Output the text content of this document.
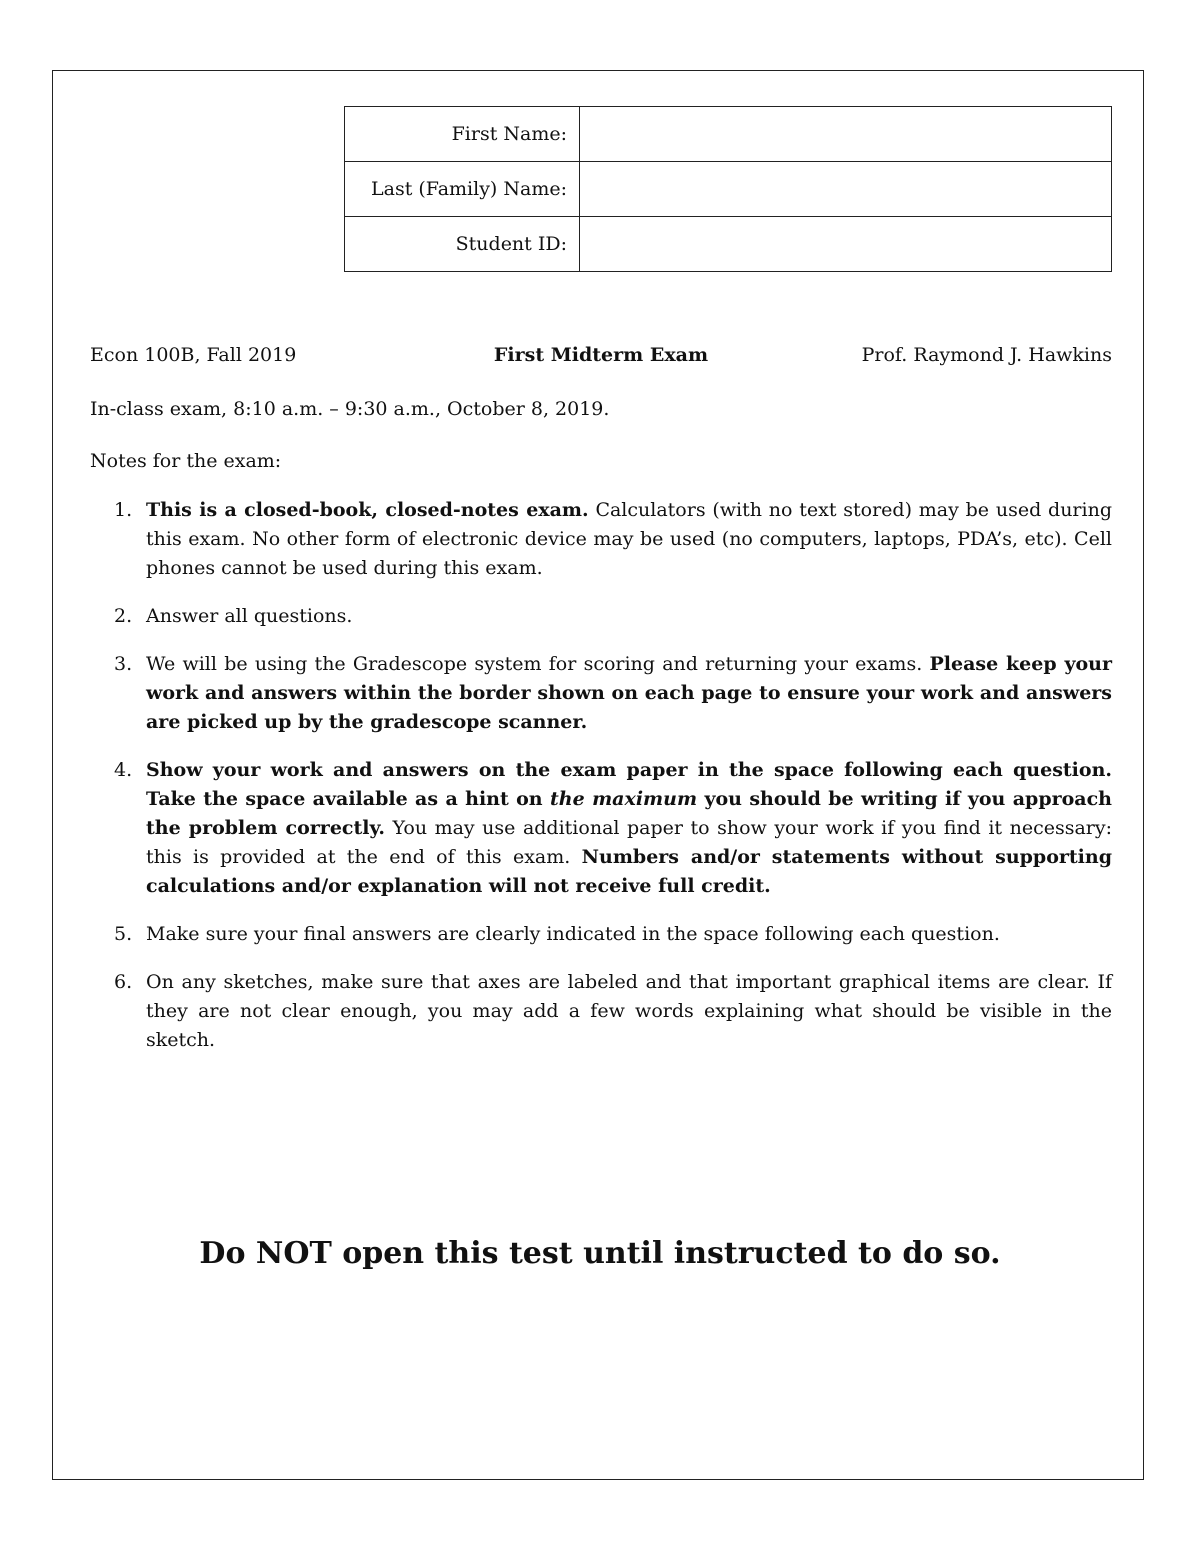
First Name:	
Last (Family) Name:	
Student ID:	
Econ 100B, Fall 2019	First Midterm Exam	Prof. Raymond J. Hawkins
In-class exam, 8:10 a.m. – 9:30 a.m., October 8, 2019.
Notes for the exam:
1. This is a closed-book, closed-notes exam. Calculators (with no text stored) may be used during this exam. No other form of electronic device may be used (no computers, laptops, PDA’s, etc). Cell phones cannot be used during this exam.
2. Answer all questions.
3. We will be using the Gradescope system for scoring and returning your exams. Please keep your work and answers within the border shown on each page to ensure your work and answers are picked up by the gradescope scanner.
4. Show your work and answers on the exam paper in the space following each question. Take the space available as a hint on the maximum you should be writing if you approach the problem correctly. You may use additional paper to show your work if you find it necessary: this is provided at the end of this exam. Numbers and/or statements without supporting calculations and/or explanation will not receive full credit.
5. Make sure your final answers are clearly indicated in the space following each question.
6. On any sketches, make sure that axes are labeled and that important graphical items are clear. If they are not clear enough, you may add a few words explaining what should be visible in the sketch.
Do NOT open this test until instructed to do so.
